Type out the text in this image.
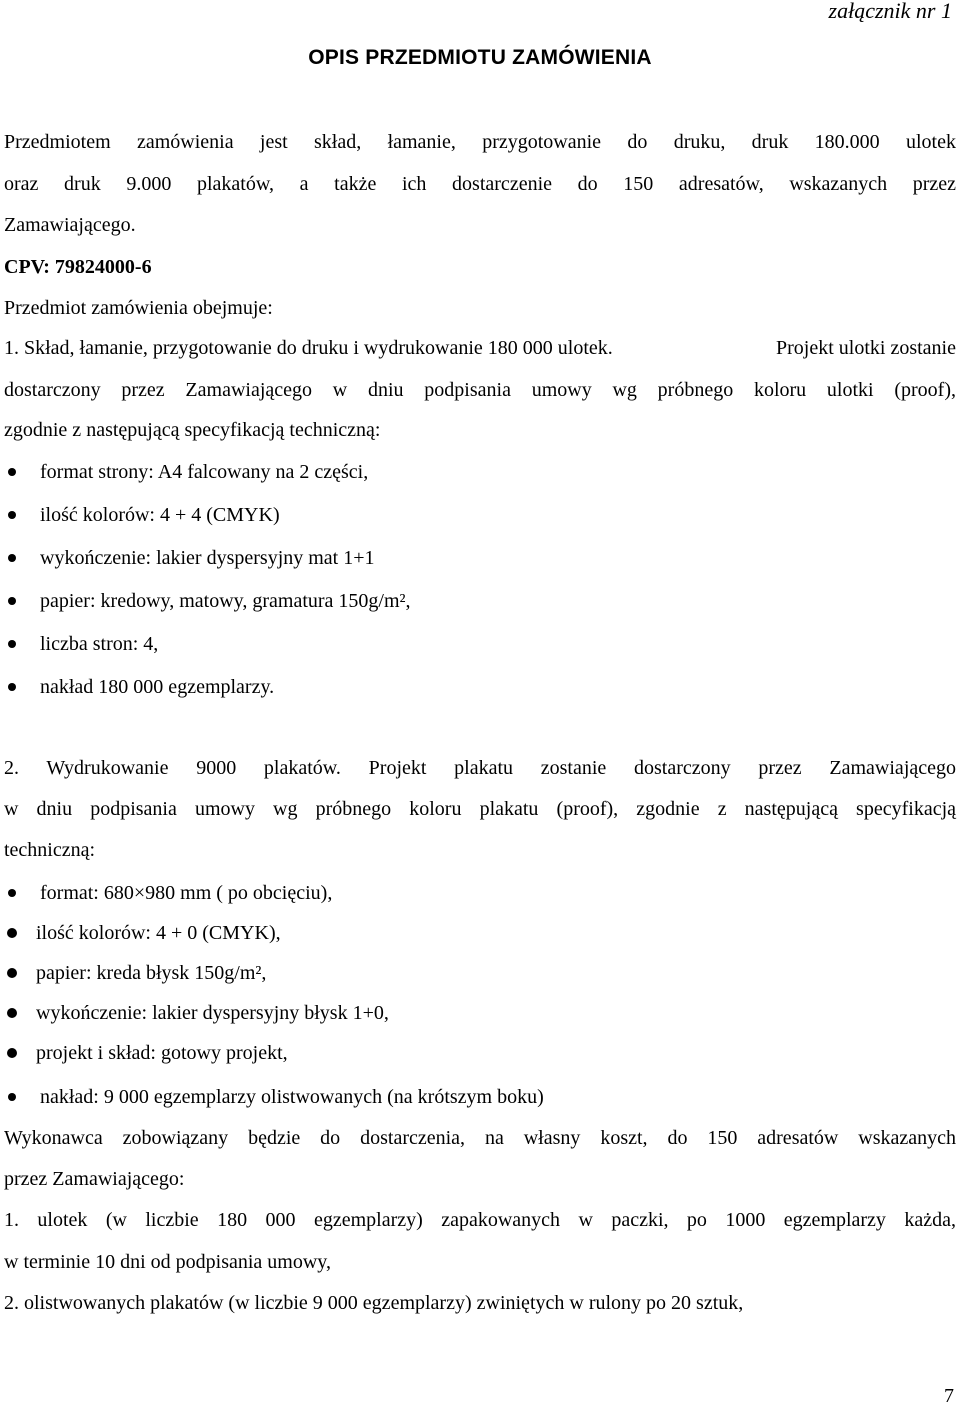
załącznik nr 1
OPIS PRZEDMIOTU ZAMÓWIENIA
Przedmiotem zamówienia jest skład, łamanie, przygotowanie do druku, druk 180.000 ulotek
oraz druk 9.000 plakatów, a także ich dostarczenie do 150 adresatów, wskazanych przez
Zamawiającego.
CPV: 79824000-6
Przedmiot zamówienia obejmuje:
1. Skład, łamanie, przygotowanie do druku i wydrukowanie 180 000 ulotek.	Projekt ulotki zostanie
dostarczony przez Zamawiającego w dniu podpisania umowy wg próbnego koloru ulotki (proof),
zgodnie z następującą specyfikacją techniczną:
format strony: A4 falcowany na 2 części,
ilość kolorów: 4 + 4 (CMYK)
wykończenie: lakier dyspersyjny mat 1+1
papier: kredowy, matowy, gramatura 150g/m²,
liczba stron: 4,
nakład 180 000 egzemplarzy.
2. Wydrukowanie 9000 plakatów. Projekt plakatu zostanie dostarczony przez Zamawiającego
w dniu podpisania umowy wg próbnego koloru plakatu (proof), zgodnie z następującą specyfikacją
techniczną:
format: 680×980 mm ( po obcięciu),
ilość kolorów: 4 + 0 (CMYK),
papier: kreda błysk 150g/m²,
wykończenie: lakier dyspersyjny błysk 1+0,
projekt i skład: gotowy projekt,
nakład: 9 000 egzemplarzy olistwowanych (na krótszym boku)
Wykonawca zobowiązany będzie do dostarczenia, na własny koszt, do 150 adresatów wskazanych
przez Zamawiającego:
1. ulotek (w liczbie 180 000 egzemplarzy) zapakowanych w paczki, po 1000 egzemplarzy każda,
w terminie 10 dni od podpisania umowy,
2. olistwowanych plakatów (w liczbie 9 000 egzemplarzy) zwiniętych w rulony po 20 sztuk,
7
